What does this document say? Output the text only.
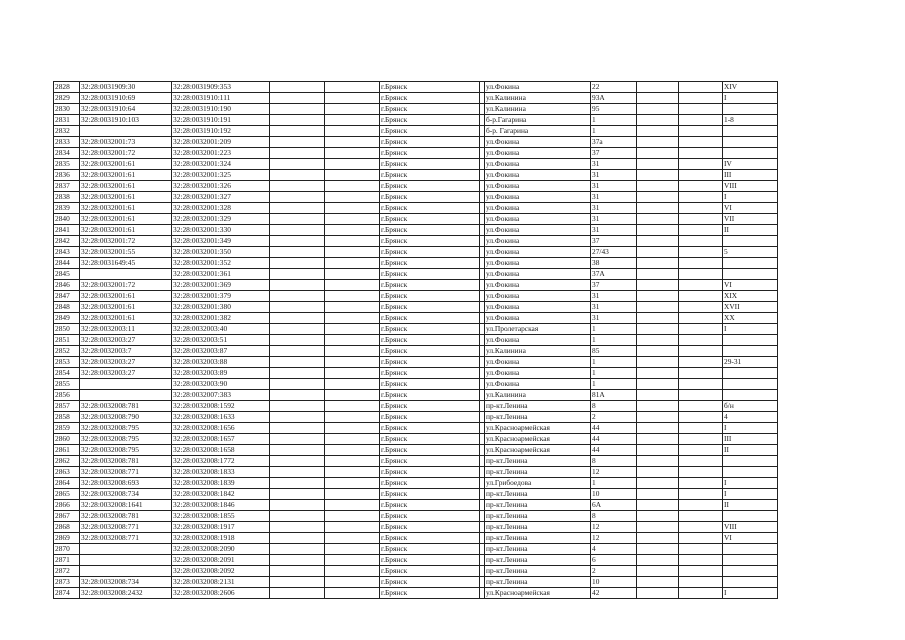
2828	32:28:0031909:30	32:28:0031909:353			г.Брянск		ул.Фокина	22			XIV
2829	32:28:0031910:69	32:28:0031910:111			г.Брянск		ул.Калинина	93А			I
2830	32:28:0031910:64	32:28:0031910:190			г.Брянск		ул.Калинина	95			
2831	32:28:0031910:103	32:28:0031910:191			г.Брянск		б-р.Гагарина	1			1-8
2832		32:28:0031910:192			г.Брянск		б-р. Гагарина	1			
2833	32:28:0032001:73	32:28:0032001:209			г.Брянск		ул.Фокина	37а			
2834	32:28:0032001:72	32:28:0032001:223			г.Брянск		ул.Фокина	37			
2835	32:28:0032001:61	32:28:0032001:324			г.Брянск		ул.Фокина	31			IV
2836	32:28:0032001:61	32:28:0032001:325			г.Брянск		ул.Фокина	31			III
2837	32:28:0032001:61	32:28:0032001:326			г.Брянск		ул.Фокина	31			VIII
2838	32:28:0032001:61	32:28:0032001:327			г.Брянск		ул.Фокина	31			I
2839	32:28:0032001:61	32:28:0032001:328			г.Брянск		ул.Фокина	31			VI
2840	32:28:0032001:61	32:28:0032001:329			г.Брянск		ул.Фокина	31			VII
2841	32:28:0032001:61	32:28:0032001:330			г.Брянск		ул.Фокина	31			II
2842	32:28:0032001:72	32:28:0032001:349			г.Брянск		ул.Фокина	37			
2843	32:28:0032001:55	32:28:0032001:350			г.Брянск		ул.Фокина	27/43			5
2844	32:28:0031649:45	32:28:0032001:352			г.Брянск		ул.Фокина	38			
2845		32:28:0032001:361			г.Брянск		ул.Фокина	37А			
2846	32:28:0032001:72	32:28:0032001:369			г.Брянск		ул.Фокина	37			VI
2847	32:28:0032001:61	32:28:0032001:379			г.Брянск		ул.Фокина	31			XIX
2848	32:28:0032001:61	32:28:0032001:380			г.Брянск		ул.Фокина	31			XVII
2849	32:28:0032001:61	32:28:0032001:382			г.Брянск		ул.Фокина	31			XX
2850	32:28:0032003:11	32:28:0032003:40			г.Брянск		ул.Пролетарская	1			I
2851	32:28:0032003:27	32:28:0032003:51			г.Брянск		ул.Фокина	1			
2852	32:28:0032003:7	32:28:0032003:87			г.Брянск		ул.Калинина	85			
2853	32:28:0032003:27	32:28:0032003:88			г.Брянск		ул.Фокина	1			29-31
2854	32:28:0032003:27	32:28:0032003:89			г.Брянск		ул.Фокина	1			
2855		32:28:0032003:90			г.Брянск		ул.Фокина	1			
2856		32:28:0032007:383			г.Брянск		ул.Калинина	81А			
2857	32:28:0032008:781	32:28:0032008:1592			г.Брянск		пр-кт.Ленина	8			б/н
2858	32:28:0032008:790	32:28:0032008:1633			г.Брянск		пр-кт.Ленина	2			4
2859	32:28:0032008:795	32:28:0032008:1656			г.Брянск		ул.Красноармейская	44			I
2860	32:28:0032008:795	32:28:0032008:1657			г.Брянск		ул.Красноармейская	44			III
2861	32:28:0032008:795	32:28:0032008:1658			г.Брянск		ул.Красноармейская	44			II
2862	32:28:0032008:781	32:28:0032008:1772			г.Брянск		пр-кт.Ленина	8			
2863	32:28:0032008:771	32:28:0032008:1833			г.Брянск		пр-кт.Ленина	12			
2864	32:28:0032008:693	32:28:0032008:1839			г.Брянск		ул.Грибоедова	1			I
2865	32:28:0032008:734	32:28:0032008:1842			г.Брянск		пр-кт.Ленина	10			I
2866	32:28:0032008:1641	32:28:0032008:1846			г.Брянск		пр-кт.Ленина	6А			II
2867	32:28:0032008:781	32:28:0032008:1855			г.Брянск		пр-кт.Ленина	8			
2868	32:28:0032008:771	32:28:0032008:1917			г.Брянск		пр-кт.Ленина	12			VIII
2869	32:28:0032008:771	32:28:0032008:1918			г.Брянск		пр-кт.Ленина	12			VI
2870		32:28:0032008:2090			г.Брянск		пр-кт.Ленина	4			
2871		32:28:0032008:2091			г.Брянск		пр-кт.Ленина	6			
2872		32:28:0032008:2092			г.Брянск		пр-кт.Ленина	2			
2873	32:28:0032008:734	32:28:0032008:2131			г.Брянск		пр-кт.Ленина	10			
2874	32:28:0032008:2432	32:28:0032008:2606			г.Брянск		ул.Красноармейская	42			I
